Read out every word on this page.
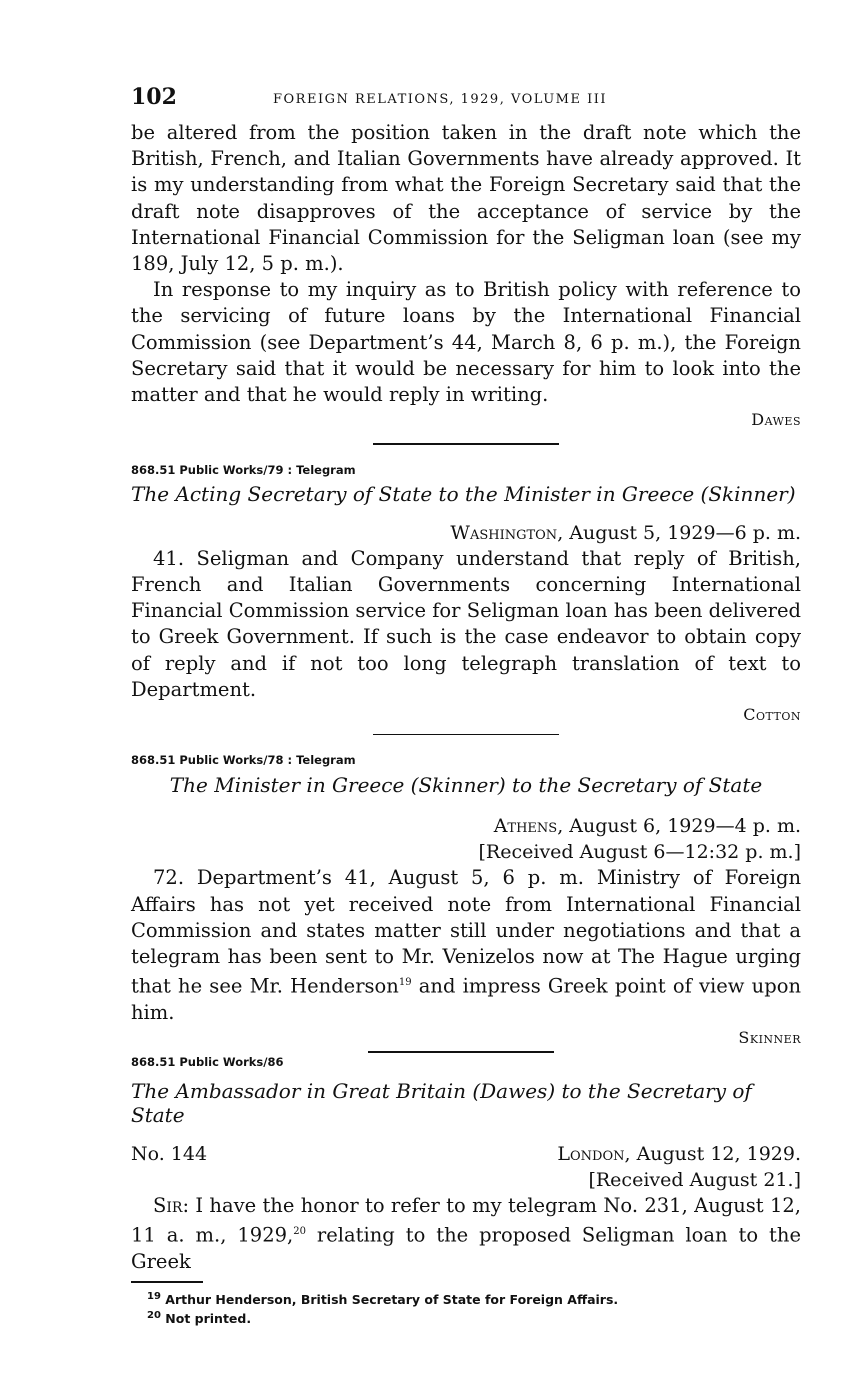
102	FOREIGN RELATIONS, 1929, VOLUME III

be altered from the position taken in the draft note which the British, French, and Italian Governments have already approved. It is my understanding from what the Foreign Secretary said that the draft note disapproves of the acceptance of service by the International Financial Commission for the Seligman loan (see my 189, July 12, 5 p. m.).

In response to my inquiry as to British policy with reference to the servicing of future loans by the International Financial Commission (see Department’s 44, March 8, 6 p. m.), the Foreign Secretary said that it would be necessary for him to look into the matter and that he would reply in writing.

Dawes

868.51 Public Works/79 : Telegram

The Acting Secretary of State to the Minister in Greece (Skinner)

Washington, August 5, 1929—6 p. m.

41. Seligman and Company understand that reply of British, French and Italian Governments concerning International Financial Commission service for Seligman loan has been delivered to Greek Government. If such is the case endeavor to obtain copy of reply and if not too long telegraph translation of text to Department.

Cotton

868.51 Public Works/78 : Telegram

The Minister in Greece (Skinner) to the Secretary of State

Athens, August 6, 1929—4 p. m.

[Received August 6—12:32 p. m.]

72. Department’s 41, August 5, 6 p. m. Ministry of Foreign Affairs has not yet received note from International Financial Commission and states matter still under negotiations and that a telegram has been sent to Mr. Venizelos now at The Hague urging that he see Mr. Henderson$^{19}$ and impress Greek point of view upon him.

Skinner

868.51 Public Works/86

The Ambassador in Great Britain (Dawes) to the Secretary of State

No. 144	London, August 12, 1929.

[Received August 21.]

Sir: I have the honor to refer to my telegram No. 231, August 12, 11 a. m., 1929,20 relating to the proposed Seligman loan to the Greek

$^{19}$ Arthur Henderson, British Secretary of State for Foreign Affairs.

$^{20}$ Not printed.
